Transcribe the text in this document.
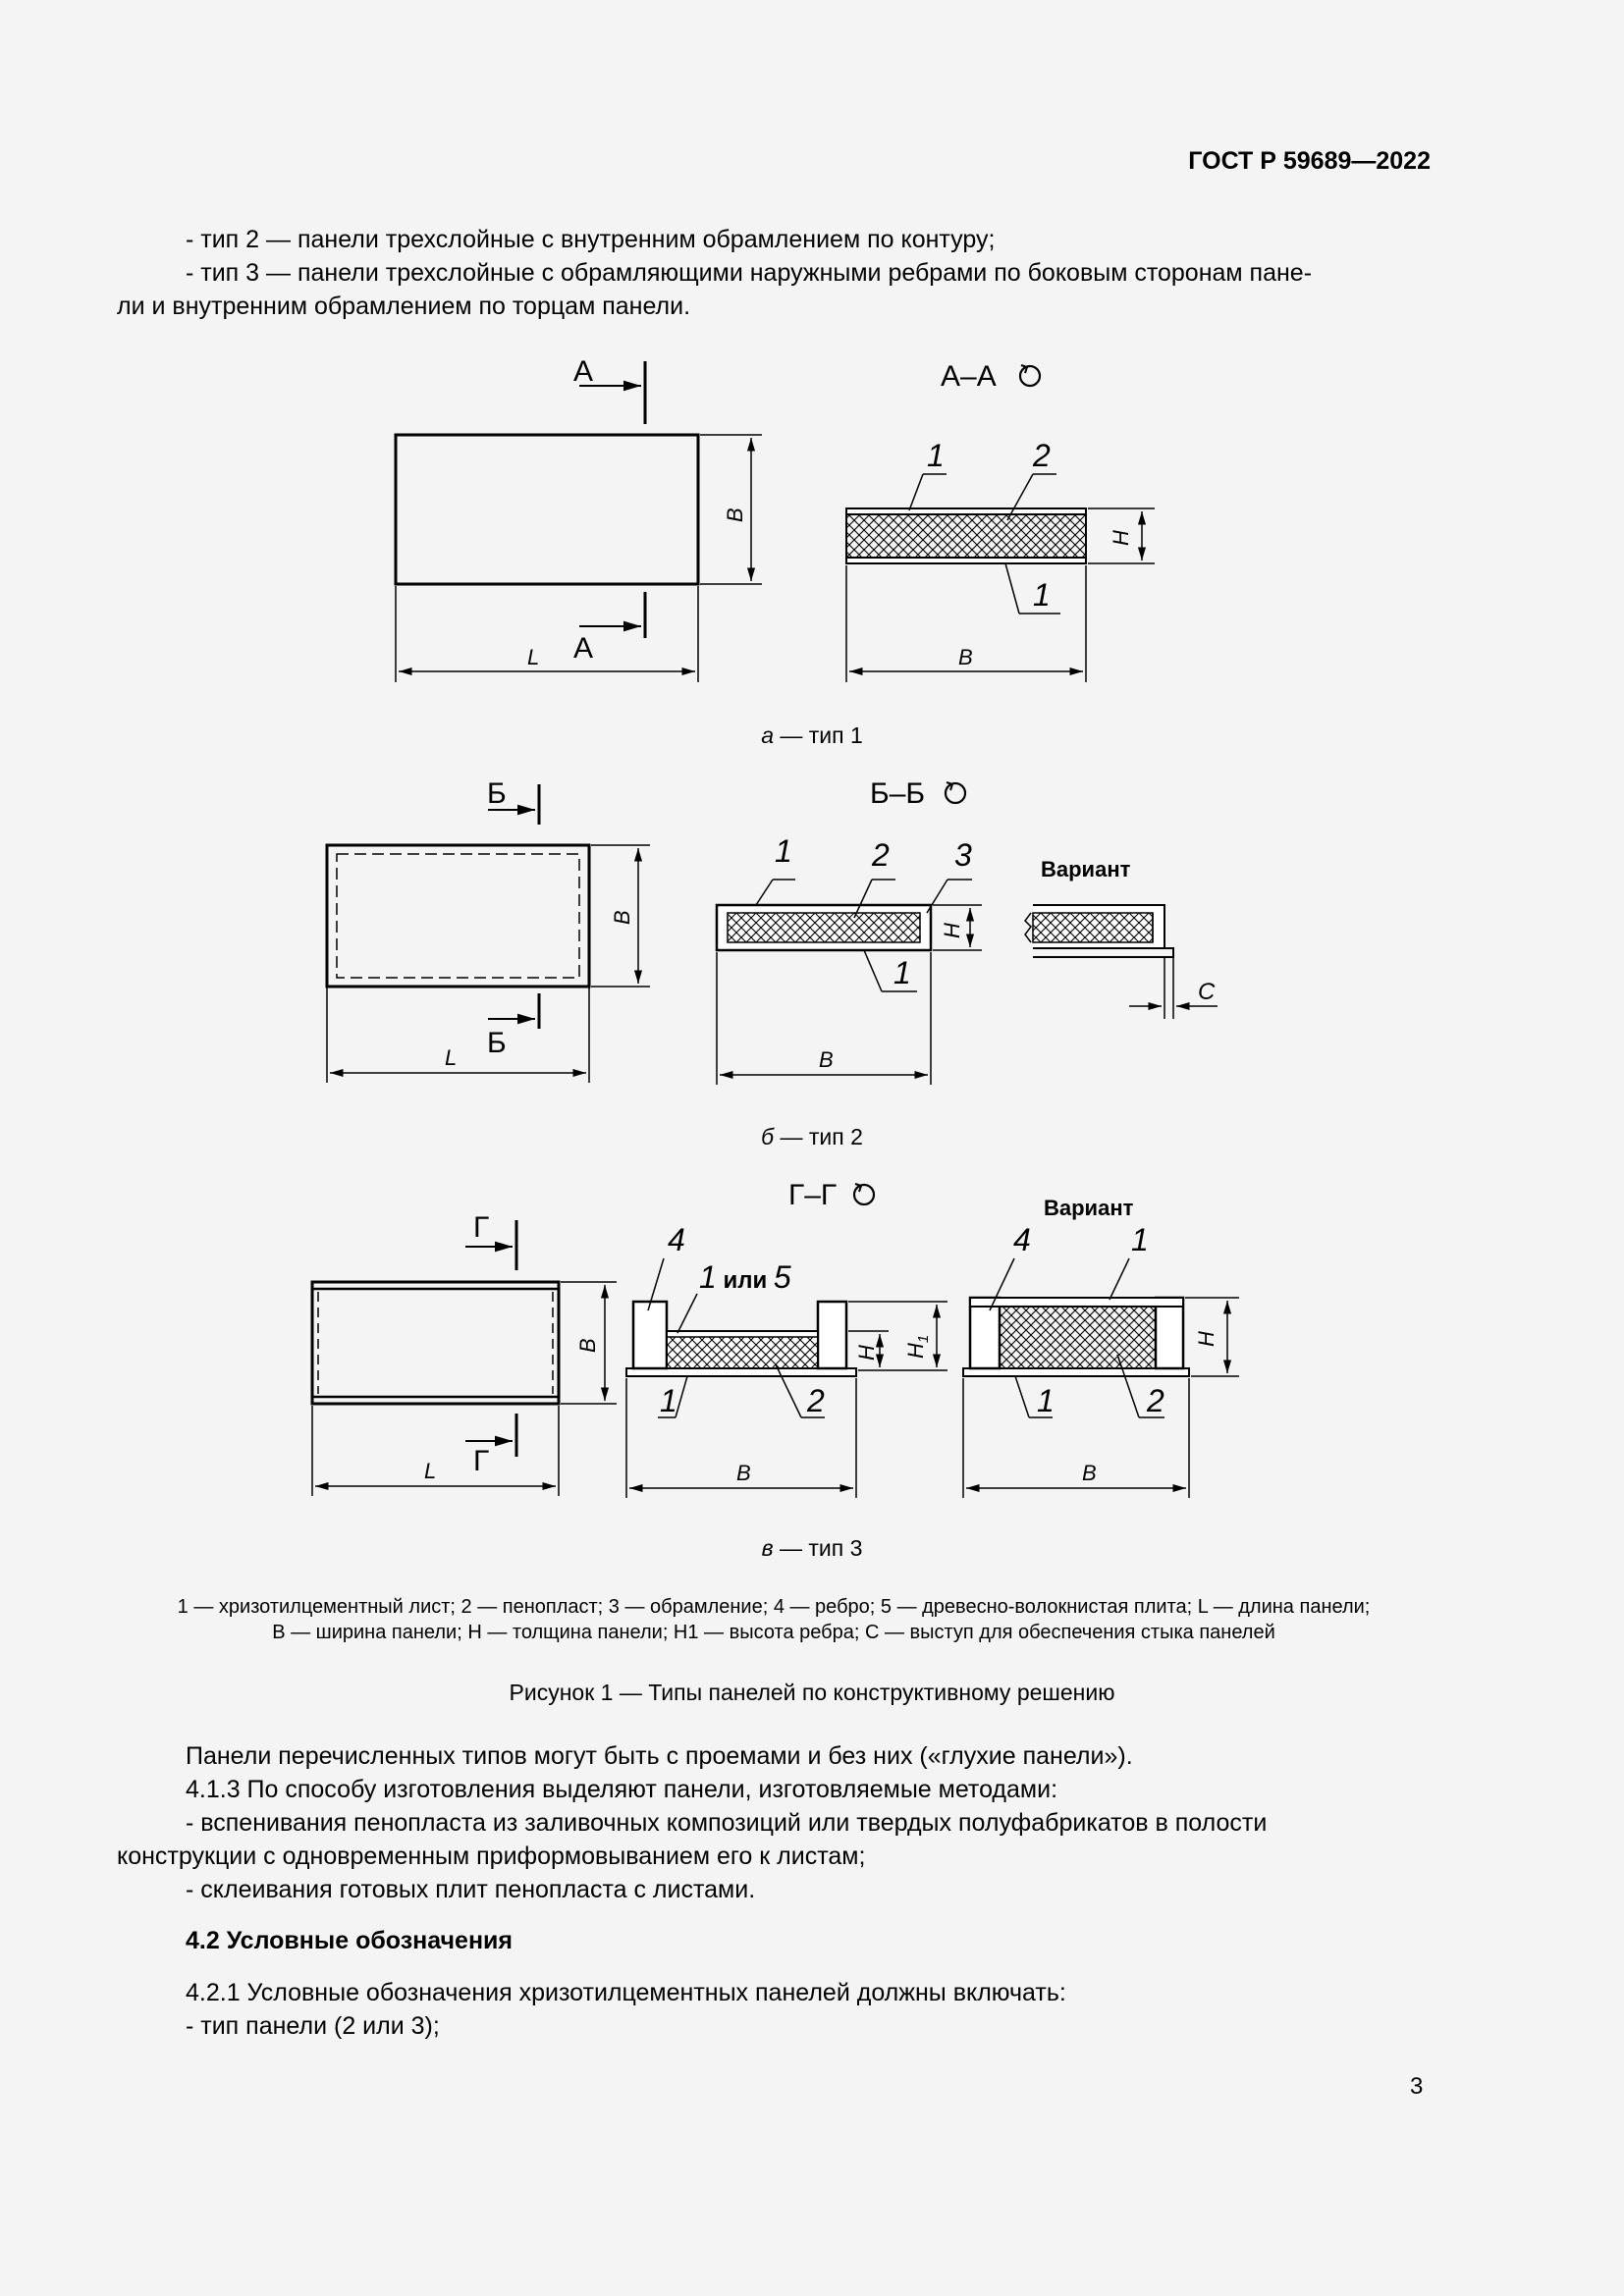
ГОСТ Р 59689—2022
- тип 2 — панели трехслойные с внутренним обрамлением по контуру;
- тип 3 — панели трехслойные с обрамляющими наружными ребрами по боковым сторонам пане-
ли и внутренним обрамлением по торцам панели.
А
А
B
L
А–А
H
B
1	2
1
L
B
Б
Б
Б–Б
H
B
1	2 3
1
Вариант
C
L
B
Г
Г
Г–Г
H $H_1$
B
4
1 или 5
1	2
Вариант
H
B
4	1
1	2
а — тип 1
б — тип 2
в — тип 3
1 — хризотилцементный лист; 2 — пенопласт; 3 — обрамление; 4 — ребро; 5 — древесно-волокнистая плита; L — длина панели;
B — ширина панели; H — толщина панели; H1 — высота ребра; C — выступ для обеспечения стыка панелей
Рисунок 1 — Типы панелей по конструктивному решению
Панели перечисленных типов могут быть с проемами и без них («глухие панели»).
4.1.3 По способу изготовления выделяют панели, изготовляемые методами:
- вспенивания пенопласта из заливочных композиций или твердых полуфабрикатов в полости
конструкции с одновременным приформовыванием его к листам;
- склеивания готовых плит пенопласта с листами.
4.2 Условные обозначения
4.2.1 Условные обозначения хризотилцементных панелей должны включать:
- тип панели (2 или 3);
3
